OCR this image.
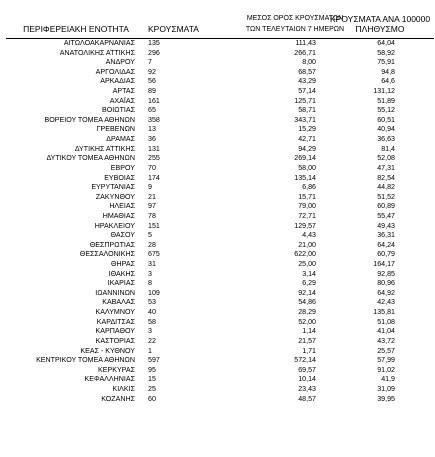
ΠΕΡΙΦΕΡΕΙΑΚΗ ΕΝΟΤΗΤΑ	ΚΡΟΥΣΜΑΤΑ
ΜΕΣΟΣ ΟΡΟΣ ΚΡΟΥΣΜΑΤΩΝ
ΤΩΝ ΤΕΛΕΥΤΑΙΩΝ 7 ΗΜΕΡΩΝ
ΚΡΟΥΣΜΑΤΑ ΑΝΑ 100000
ΠΛΗΘΥΣΜΟ
ΑΙΤΩΛΟΑΚΑΡΝΑΝΙΑΣ 135	111,43	64,04
ΑΝΑΤΟΛΙΚΗΣ ΑΤΤΙΚΗΣ 296	266,71	58,92
ΑΝΔΡΟΥ 7	8,00	75,91
ΑΡΓΟΛΙΔΑΣ 92	68,57	94,8
ΑΡΚΑΔΙΑΣ 56	43,29	64,6
ΑΡΤΑΣ 89	57,14	131,12
ΑΧΑΪΑΣ 161	125,71	51,89
ΒΟΙΩΤΙΑΣ 65	58,71	55,12
ΒΟΡΕΙΟΥ ΤΟΜΕΑ ΑΘΗΝΩΝ 358	343,71	60,51
ΓΡΕΒΕΝΩΝ 13	15,29	40,94
ΔΡΑΜΑΣ 36	42,71	36,63
ΔΥΤΙΚΗΣ ΑΤΤΙΚΗΣ 131	94,29	81,4
ΔΥΤΙΚΟΥ ΤΟΜΕΑ ΑΘΗΝΩΝ 255	269,14	52,08
ΕΒΡΟΥ 70	58,00	47,31
ΕΥΒΟΙΑΣ 174	135,14	82,54
ΕΥΡΥΤΑΝΙΑΣ 9	6,86	44,82
ΖΑΚΥΝΘΟΥ 21	15,71	51,52
ΗΛΕΙΑΣ 97	79,00	60,89
ΗΜΑΘΙΑΣ 78	72,71	55,47
ΗΡΑΚΛΕΙΟΥ 151	129,57	49,43
ΘΑΣΟΥ 5	4,43	36,31
ΘΕΣΠΡΩΤΙΑΣ 28	21,00	64,24
ΘΕΣΣΑΛΟΝΙΚΗΣ 675	622,00	60,79
ΘΗΡΑΣ 31	25,00	164,17
ΙΘΑΚΗΣ 3	3,14	92,85
ΙΚΑΡΙΑΣ 8	6,29	80,96
ΙΩΑΝΝΙΝΩΝ 109	92,14	64,92
ΚΑΒΑΛΑΣ 53	54,86	42,43
ΚΑΛΥΜΝΟΥ 40	28,29	135,81
ΚΑΡΔΙΤΣΑΣ 58	52,00	51,08
ΚΑΡΠΑΘΟΥ 3	1,14	41,04
ΚΑΣΤΟΡΙΑΣ 22	21,57	43,72
ΚΕΑΣ - ΚΥΘΝΟΥ 1	1,71	25,57
ΚΕΝΤΡΙΚΟΥ ΤΟΜΕΑ ΑΘΗΝΩΝ 597	572,14	57,99
ΚΕΡΚΥΡΑΣ 95	69,57	91,02
ΚΕΦΑΛΛΗΝΙΑΣ 15	10,14	41,9
ΚΙΛΚΙΣ 25	23,43	31,09
ΚΟΖΑΝΗΣ 60	48,57	39,95
